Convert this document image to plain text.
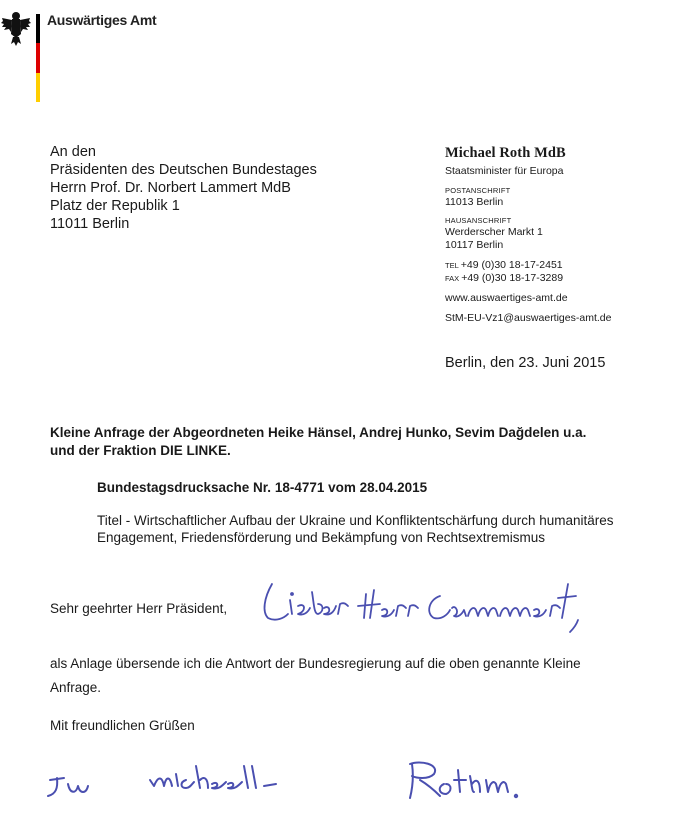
Auswärtiges Amt
An den
Präsidenten des Deutschen Bundestages
Herrn Prof. Dr. Norbert Lammert MdB
Platz der Republik 1
11011 Berlin
Michael Roth MdB
Staatsminister für Europa
POSTANSCHRIFT
11013 Berlin
HAUSANSCHRIFT
Werderscher Markt 1
10117 Berlin
TEL +49 (0)30 18-17-2451
FAX +49 (0)30 18-17-3289
www.auswaertiges-amt.de
StM-EU-Vz1@auswaertiges-amt.de
Berlin, den 23. Juni 2015
Kleine Anfrage der Abgeordneten Heike Hänsel, Andrej Hunko, Sevim Dağdelen u.a. und der Fraktion DIE LINKE.
Bundestagsdrucksache Nr. 18-4771 vom 28.04.2015
Titel - Wirtschaftlicher Aufbau der Ukraine und Konfliktentschärfung durch humanitäres Engagement, Friedensförderung und Bekämpfung von Rechtsextremismus
Sehr geehrter Herr Präsident,
als Anlage übersende ich die Antwort der Bundesregierung auf die oben genannte Kleine Anfrage.
Mit freundlichen Grüßen
